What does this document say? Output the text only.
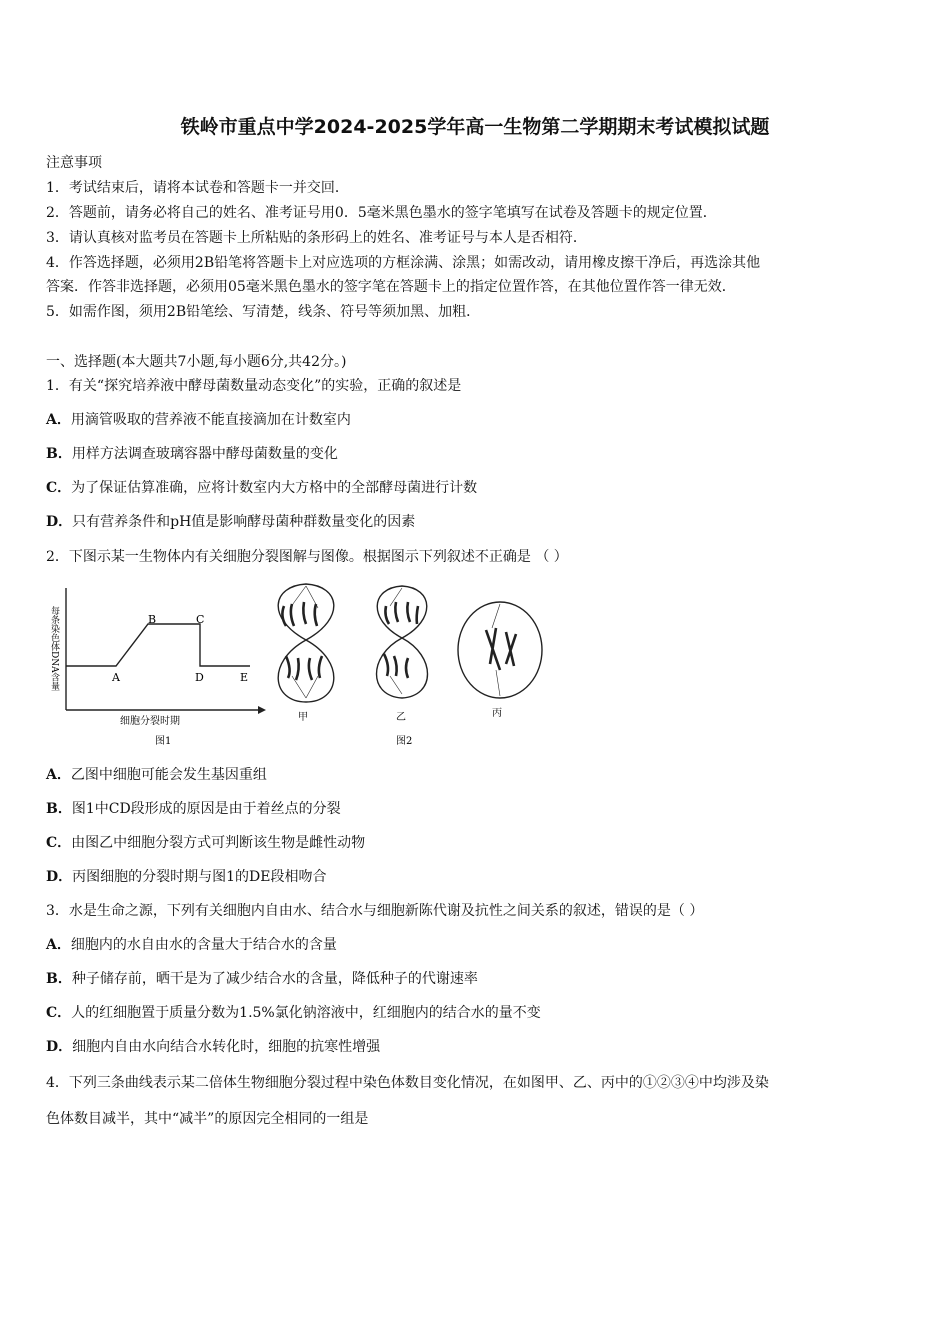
铁岭市重点中学2024-2025学年高一生物第二学期期末考试模拟试题
注意事项
1．考试结束后，请将本试卷和答题卡一并交回．
2．答题前，请务必将自己的姓名、准考证号用0．5毫米黑色墨水的签字笔填写在试卷及答题卡的规定位置．
3．请认真核对监考员在答题卡上所粘贴的条形码上的姓名、准考证号与本人是否相符．
4．作答选择题，必须用2B铅笔将答题卡上对应选项的方框涂满、涂黑；如需改动，请用橡皮擦干净后，再选涂其他
答案．作答非选择题，必须用05毫米黑色墨水的签字笔在答题卡上的指定位置作答，在其他位置作答一律无效．
5．如需作图，须用2B铅笔绘、写清楚，线条、符号等须加黑、加粗．
一、选择题(本大题共7小题,每小题6分,共42分。)
1．有关“探究培养液中酵母菌数量动态变化”的实验，正确的叙述是
A．用滴管吸取的营养液不能直接滴加在计数室内
B．用样方法调查玻璃容器中酵母菌数量的变化
C．为了保证估算准确，应将计数室内大方格中的全部酵母菌进行计数
D．只有营养条件和pH值是影响酵母菌种群数量变化的因素
2．下图示某一生物体内有关细胞分裂图解与图像。根据图示下列叙述不正确是 （ ）
每条染色体DNA含量	A
B	C
D	E
细胞分裂时期
图1
甲	乙	丙
图2
A．乙图中细胞可能会发生基因重组
B．图1中CD段形成的原因是由于着丝点的分裂
C．由图乙中细胞分裂方式可判断该生物是雌性动物
D．丙图细胞的分裂时期与图1的DE段相吻合
3．水是生命之源，下列有关细胞内自由水、结合水与细胞新陈代谢及抗性之间关系的叙述，错误的是（ ）
A．细胞内的水自由水的含量大于结合水的含量
B．种子储存前，晒干是为了减少结合水的含量，降低种子的代谢速率
C．人的红细胞置于质量分数为1.5%氯化钠溶液中，红细胞内的结合水的量不变
D．细胞内自由水向结合水转化时，细胞的抗寒性增强
4．下列三条曲线表示某二倍体生物细胞分裂过程中染色体数目变化情况，在如图甲、乙、丙中的①②③④中均涉及染
色体数目减半，其中“减半”的原因完全相同的一组是
